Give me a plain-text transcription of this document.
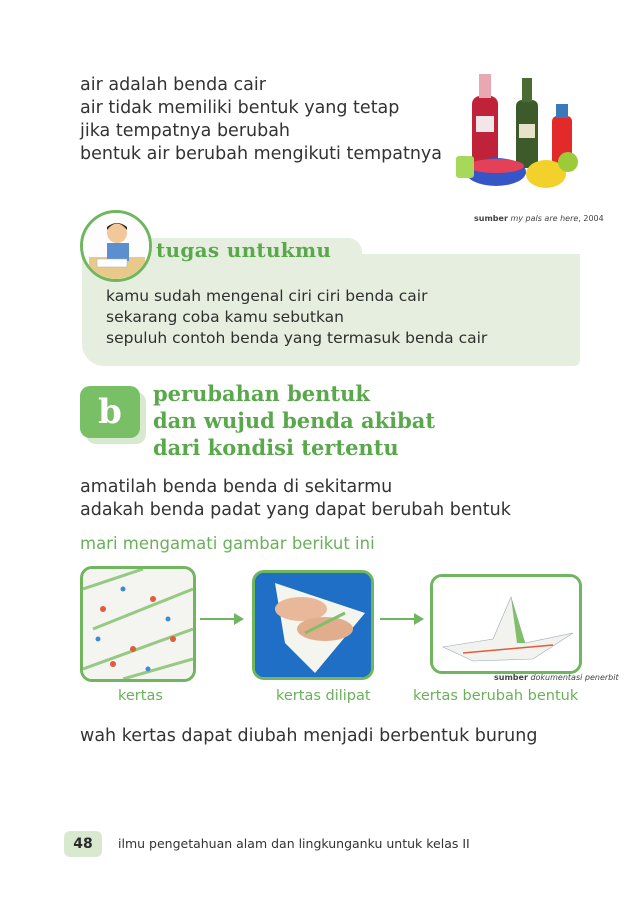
air adalah benda cair
air tidak memiliki bentuk yang tetap
jika tempatnya berubah
bentuk air berubah mengikuti tempatnya
sumber my pals are here, 2004
tugas untukmu
kamu sudah mengenal ciri ciri benda cair
sekarang coba kamu sebutkan
sepuluh contoh benda yang termasuk benda cair
b	perubahan bentuk
dan wujud benda akibat
dari kondisi tertentu
amatilah benda benda di sekitarmu
adakah benda padat yang dapat berubah bentuk
mari mengamati gambar berikut ini
sumber dokumentasi penerbit
kertas	kertas dilipat	kertas berubah bentuk
wah kertas dapat diubah menjadi berbentuk burung
48	ilmu pengetahuan alam dan lingkunganku untuk kelas II
